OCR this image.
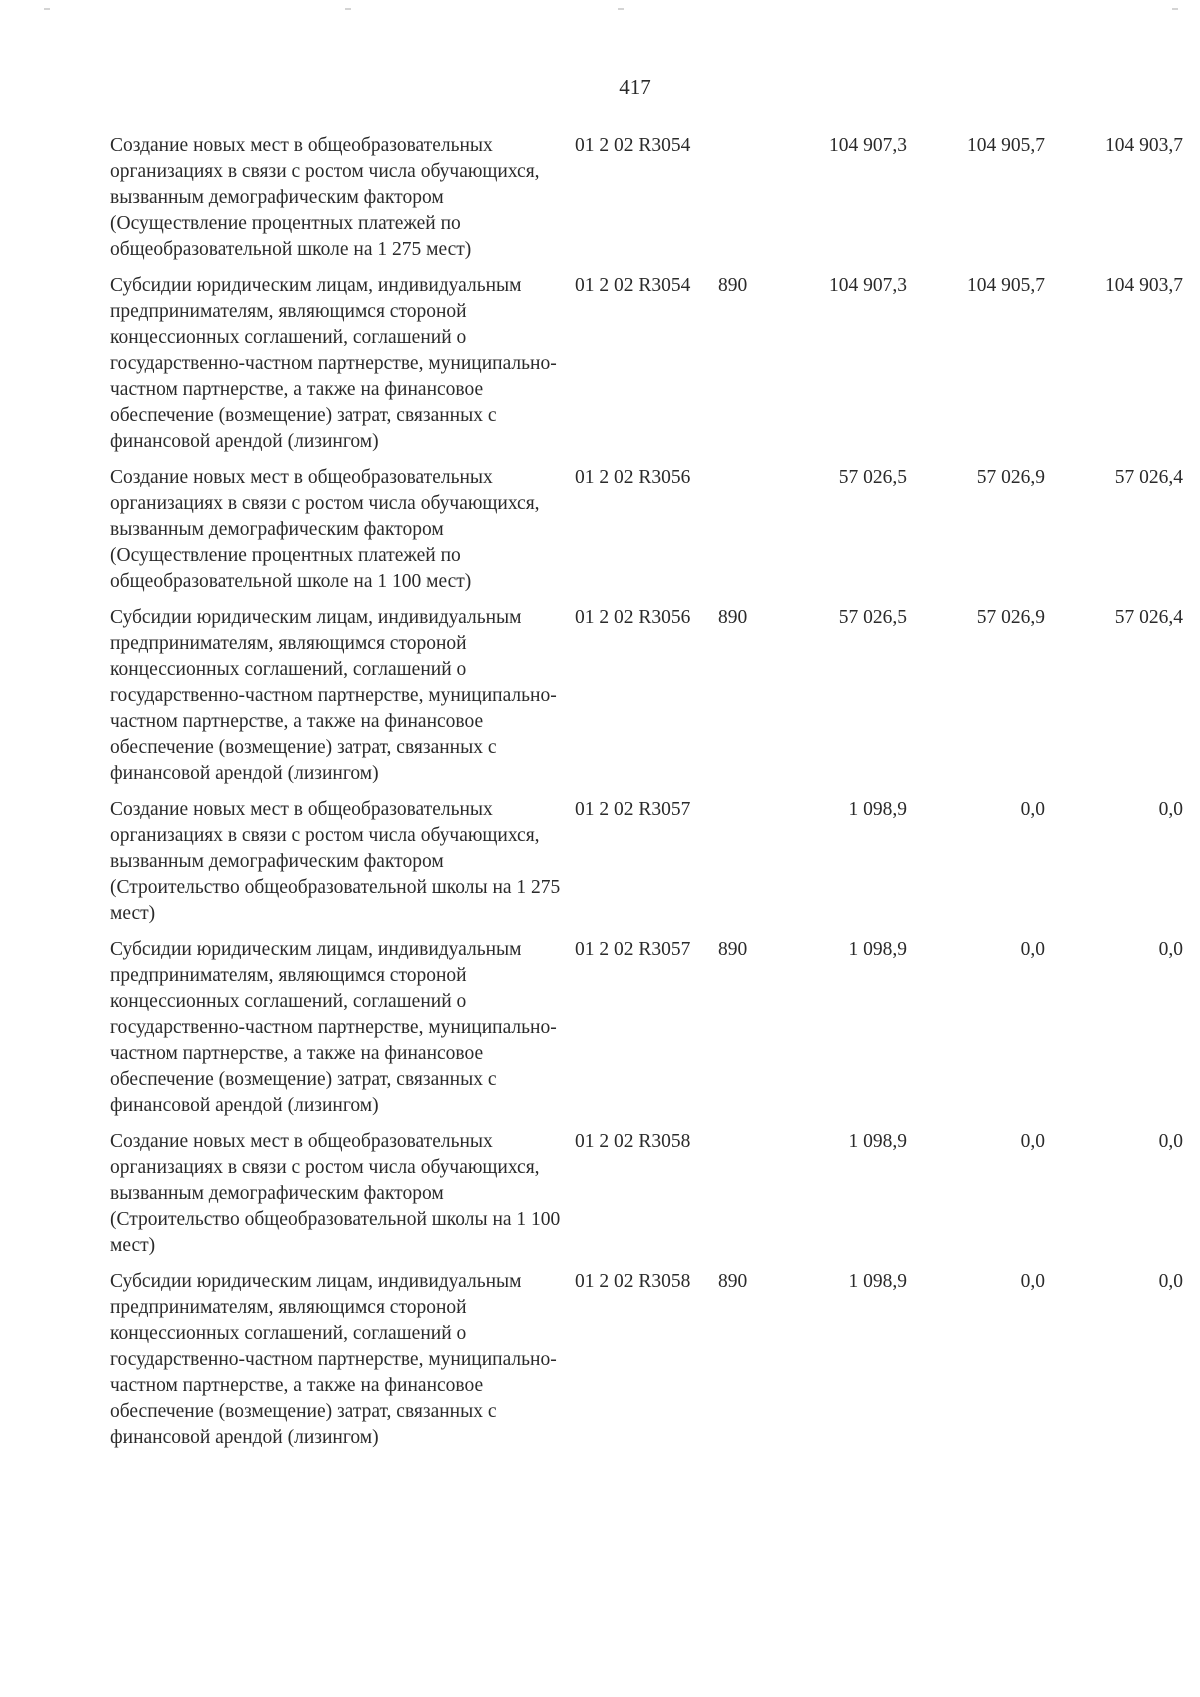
417
Создание новых мест в общеобразовательных организациях в связи с ростом числа обучающихся, вызванным демографическим фактором (Осуществление процентных платежей по общеобразовательной школе на 1 275 мест)	01 2 02 R3054		104 907,3	104 905,7	104 903,7
Субсидии юридическим лицам, индивидуальным предпринимателям, являющимся стороной концессионных соглашений, соглашений о государственно-частном партнерстве, муниципально-частном партнерстве, а также на финансовое обеспечение (возмещение) затрат, связанных с финансовой арендой (лизингом)	01 2 02 R3054	890	104 907,3	104 905,7	104 903,7
Создание новых мест в общеобразовательных организациях в связи с ростом числа обучающихся, вызванным демографическим фактором (Осуществление процентных платежей по общеобразовательной школе на 1 100 мест)	01 2 02 R3056		57 026,5	57 026,9	57 026,4
Субсидии юридическим лицам, индивидуальным предпринимателям, являющимся стороной концессионных соглашений, соглашений о государственно-частном партнерстве, муниципально-частном партнерстве, а также на финансовое обеспечение (возмещение) затрат, связанных с финансовой арендой (лизингом)	01 2 02 R3056	890	57 026,5	57 026,9	57 026,4
Создание новых мест в общеобразовательных организациях в связи с ростом числа обучающихся, вызванным демографическим фактором (Строительство общеобразовательной школы на 1 275 мест)	01 2 02 R3057		1 098,9	0,0	0,0
Субсидии юридическим лицам, индивидуальным предпринимателям, являющимся стороной концессионных соглашений, соглашений о государственно-частном партнерстве, муниципально-частном партнерстве, а также на финансовое обеспечение (возмещение) затрат, связанных с финансовой арендой (лизингом)	01 2 02 R3057	890	1 098,9	0,0	0,0
Создание новых мест в общеобразовательных организациях в связи с ростом числа обучающихся, вызванным демографическим фактором (Строительство общеобразовательной школы на 1 100 мест)	01 2 02 R3058		1 098,9	0,0	0,0
Субсидии юридическим лицам, индивидуальным предпринимателям, являющимся стороной концессионных соглашений, соглашений о государственно-частном партнерстве, муниципально-частном партнерстве, а также на финансовое обеспечение (возмещение) затрат, связанных с финансовой арендой (лизингом)	01 2 02 R3058	890	1 098,9	0,0	0,0
